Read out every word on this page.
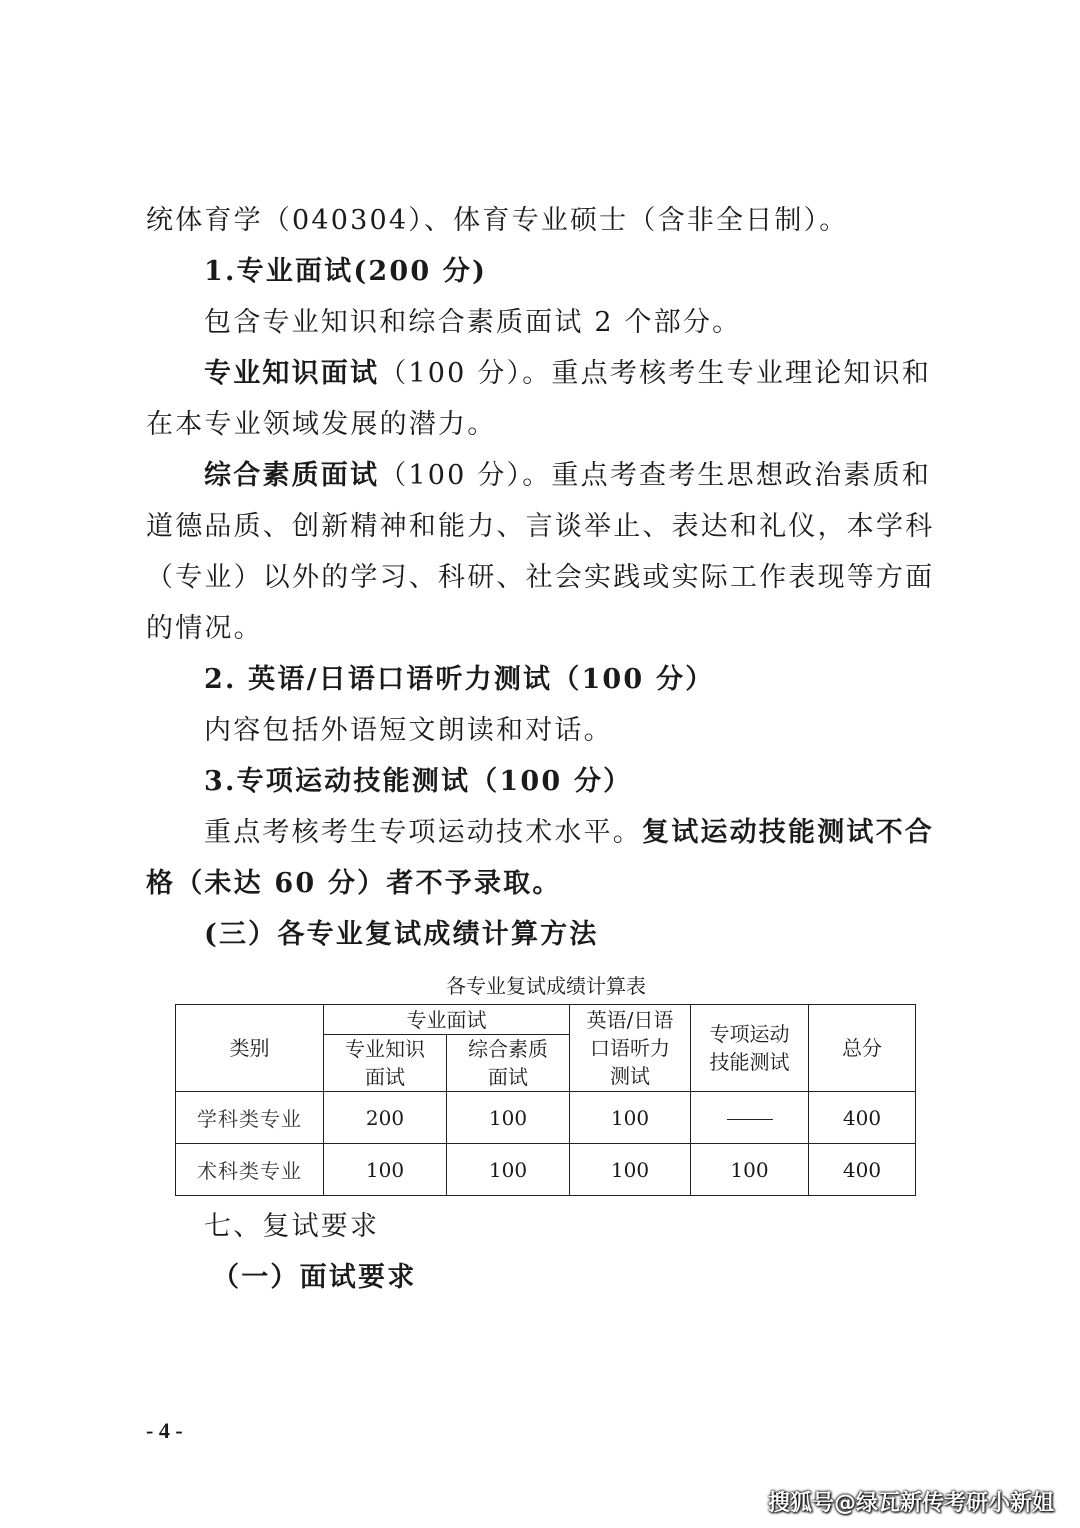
统体育学（040304）、体育专业硕士（含非全日制）。
1.专业面试(200 分)
包含专业知识和综合素质面试 2 个部分。
专业知识面试（100 分）。重点考核考生专业理论知识和
在本专业领域发展的潜力。
综合素质面试（100 分）。重点考查考生思想政治素质和
道德品质、创新精神和能力、言谈举止、表达和礼仪，本学科
（专业）以外的学习、科研、社会实践或实际工作表现等方面
的情况。
2. 英语/日语口语听力测试（100 分）
内容包括外语短文朗读和对话。
3.专项运动技能测试（100 分）
重点考核考生专项运动技术水平。复试运动技能测试不合
格（未达 60 分）者不予录取。
(三）各专业复试成绩计算方法
各专业复试成绩计算表
类别	专业面试		英语/日语口语听力测试	专项运动技能测试	总分

	专业知识面试	综合素质面试			

学科类专业	200	100	100		400
术科类专业	100	100	100	100	400
七、复试要求
（一）面试要求
- 4 -
搜狐号@绿瓦新传考研小新姐
